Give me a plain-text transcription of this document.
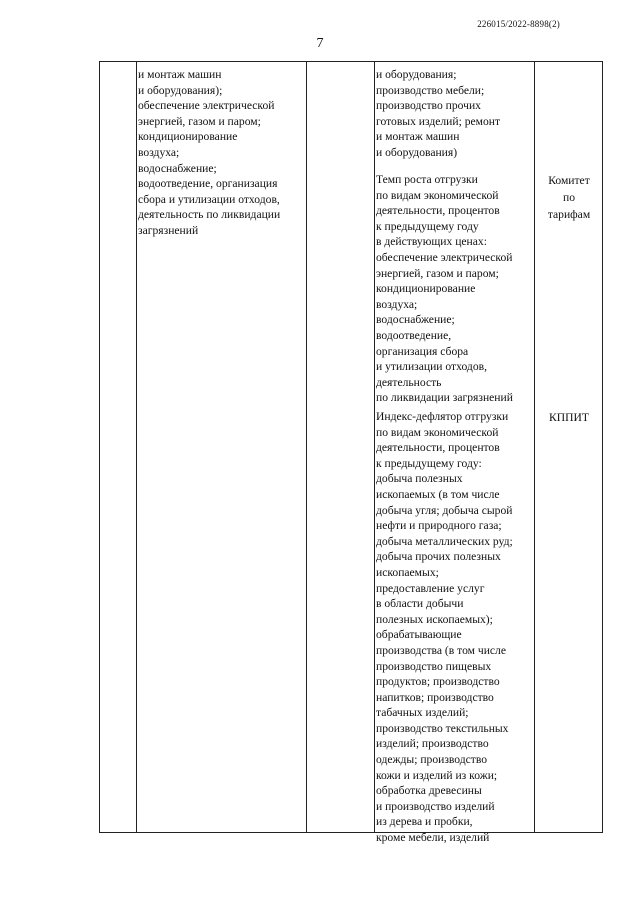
226015/2022-8898(2)
7
и монтаж машин
и оборудования);
обеспечение электрической
энергией, газом и паром;
кондиционирование
воздуха;
водоснабжение;
водоотведение, организация
сбора и утилизации отходов,
деятельность по ликвидации
загрязнений
и оборудования;
производство мебели;
производство прочих
готовых изделий; ремонт
и монтаж машин
и оборудования)
Темп роста отгрузки
по видам экономической
деятельности, процентов
к предыдущему году
в действующих ценах:
обеспечение электрической
энергией, газом и паром;
кондиционирование
воздуха;
водоснабжение;
водоотведение,
организация сбора
и утилизации отходов,
деятельность
по ликвидации загрязнений
Комитет
по
тарифам
Индекс-дефлятор отгрузки
по видам экономической
деятельности, процентов
к предыдущему году:
добыча полезных
ископаемых (в том числе
добыча угля; добыча сырой
нефти и природного газа;
добыча металлических руд;
добыча прочих полезных
ископаемых;
предоставление услуг
в области добычи
полезных ископаемых);
обрабатывающие
производства (в том числе
производство пищевых
продуктов; производство
напитков; производство
табачных изделий;
производство текстильных
изделий; производство
одежды; производство
кожи и изделий из кожи;
обработка древесины
и производство изделий
из дерева и пробки,
кроме мебели, изделий
КППИТ
